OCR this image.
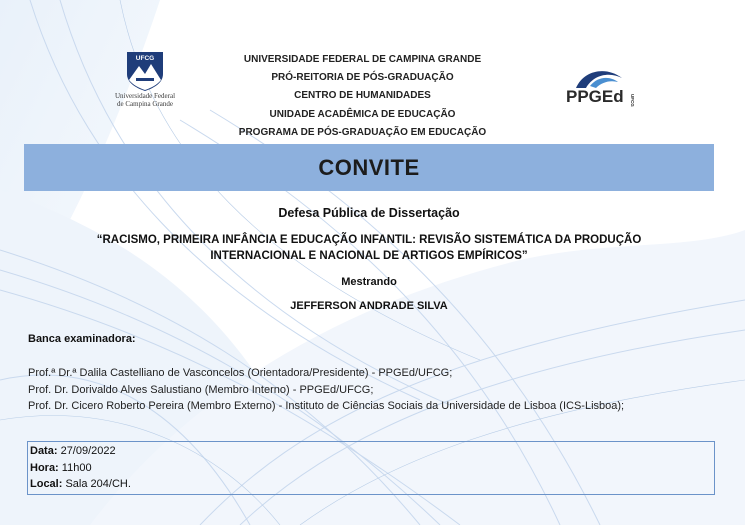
UFCG
Universidade Federal
de Campina Grande
UNIVERSIDADE FEDERAL DE CAMPINA GRANDE
PRÓ-REITORIA DE PÓS-GRADUAÇÃO
CENTRO DE HUMANIDADES
UNIDADE ACADÊMICA DE EDUCAÇÃO
PROGRAMA DE PÓS-GRADUAÇÃO EM EDUCAÇÃO
PPGEd UFCG
CONVITE
Defesa Pública de Dissertação
“RACISMO, PRIMEIRA INFÂNCIA E EDUCAÇÃO INFANTIL: REVISÃO SISTEMÁTICA DA PRODUÇÃO
INTERNACIONAL E NACIONAL DE ARTIGOS EMPÍRICOS”
Mestrando
JEFFERSON ANDRADE SILVA
Banca examinadora:
Prof.ª Dr.ª Dalila Castelliano de Vasconcelos (Orientadora/Presidente) - PPGEd/UFCG;
Prof. Dr. Dorivaldo Alves Salustiano (Membro Interno) - PPGEd/UFCG;
Prof. Dr. Cicero Roberto Pereira (Membro Externo) - Instituto de Ciências Sociais da Universidade de Lisboa (ICS-Lisboa);
Data: 27/09/2022
Hora: 11h00
Local: Sala 204/CH.
